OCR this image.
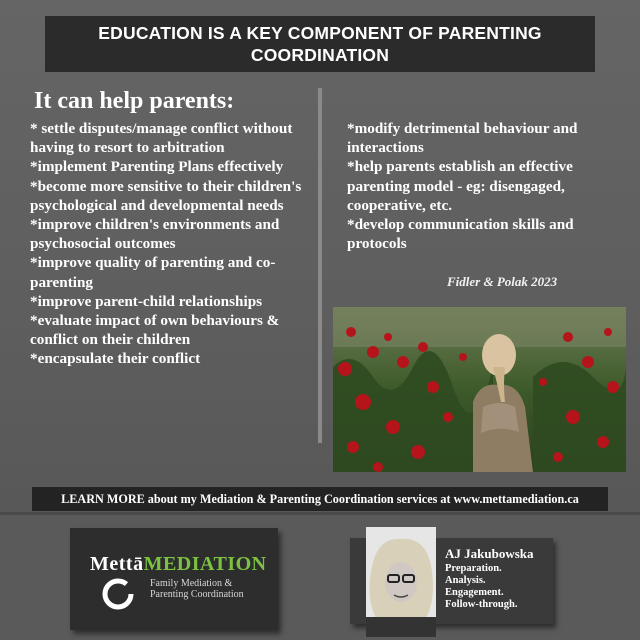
EDUCATION IS A KEY COMPONENT OF PARENTING COORDINATION
It can help parents:
* settle disputes/manage conflict without having to resort to arbitration
*implement Parenting Plans effectively
*become more sensitive to their children's psychological and developmental needs
*improve children's environments and psychosocial outcomes
*improve quality of parenting and co-parenting
*improve parent-child relationships
*evaluate impact of own behaviours & conflict on their children
*encapsulate their conflict
*modify detrimental behaviour and interactions
*help parents establish an effective parenting model - eg: disengaged, cooperative, etc.
*develop communication skills and protocols
Fidler & Polak 2023
LEARN MORE about my Mediation & Parenting Coordination services at www.mettamediation.ca
MettāMEDIATION
Family Mediation &
Parenting Coordination
AJ Jakubowska
Preparation.
Analysis.
Engagement.
Follow-through.
